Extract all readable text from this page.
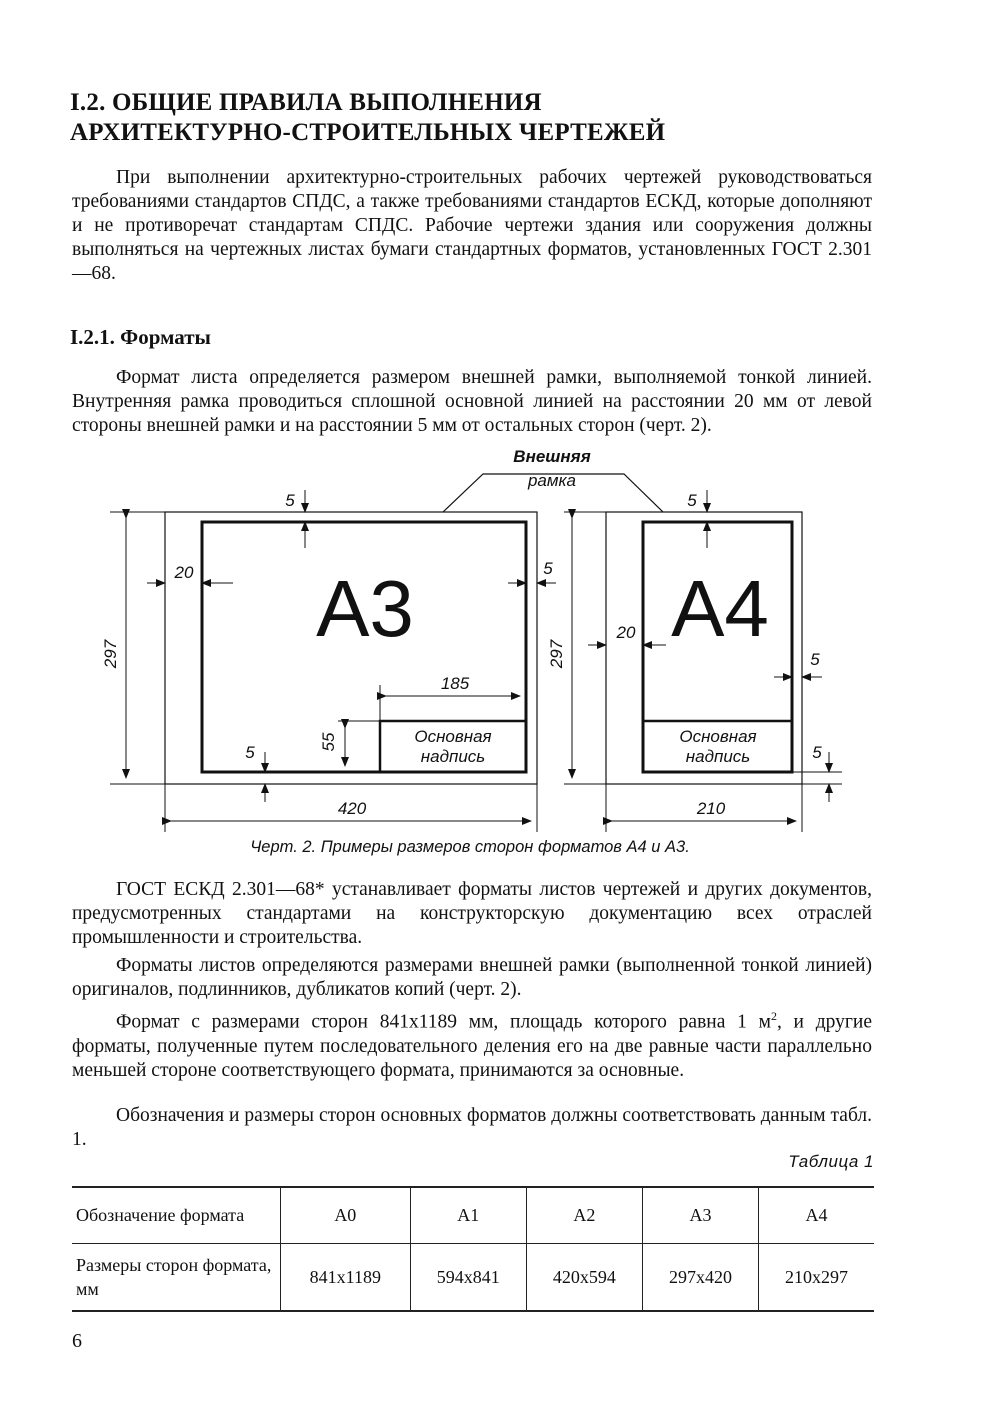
I.2. ОБЩИЕ ПРАВИЛА ВЫПОЛНЕНИЯ
АРХИТЕКТУРНО-СТРОИТЕЛЬНЫХ ЧЕРТЕЖЕЙ
При выполнении архитектурно-строительных рабочих чертежей руководствоваться требованиями стандартов СПДС, а также требованиями стандартов ЕСКД, которые дополняют и не противоречат стандартам СПДС. Рабочие чертежи здания или сооружения должны выполняться на чертежных листах бумаги стандартных форматов, установленных ГОСТ 2.301—68.
I.2.1. Форматы
Формат листа определяется размером внешней рамки, выполняемой тонкой линией. Внутренняя рамка проводиться сплошной основной линией на расстоянии 20 мм от левой стороны внешней рамки и на расстоянии 5 мм от остальных сторон (черт. 2).
Внешняя
рамка
A3
5
20	5
5
297
420
185
55	Основная
надпись
A4
5
20
5
5
297
210
Основная
надпись
Черт. 2. Примеры размеров сторон форматов A4 и A3.
ГОСТ ЕСКД 2.301—68* устанавливает форматы листов чертежей и других документов, предусмотренных стандартами на конструкторскую документацию всех отраслей промышленности и строительства.
Форматы листов определяются размерами внешней рамки (выполненной тонкой линией) оригиналов, подлинников, дубликатов копий (черт. 2).
Формат с размерами сторон 841x1189 мм, площадь которого равна 1 $м^2$, и другие форматы, полученные путем последовательного деления его на две равные части параллельно меньшей стороне соответствующего формата, принимаются за основные.
Обозначения и размеры сторон основных форматов должны соответствовать данным табл. 1.
Таблица 1
Обозначение формата	A0	A1	A2	A3	A4
Размеры сторон формата, мм	841x1189	594x841	420x594	297x420	210x297
6
